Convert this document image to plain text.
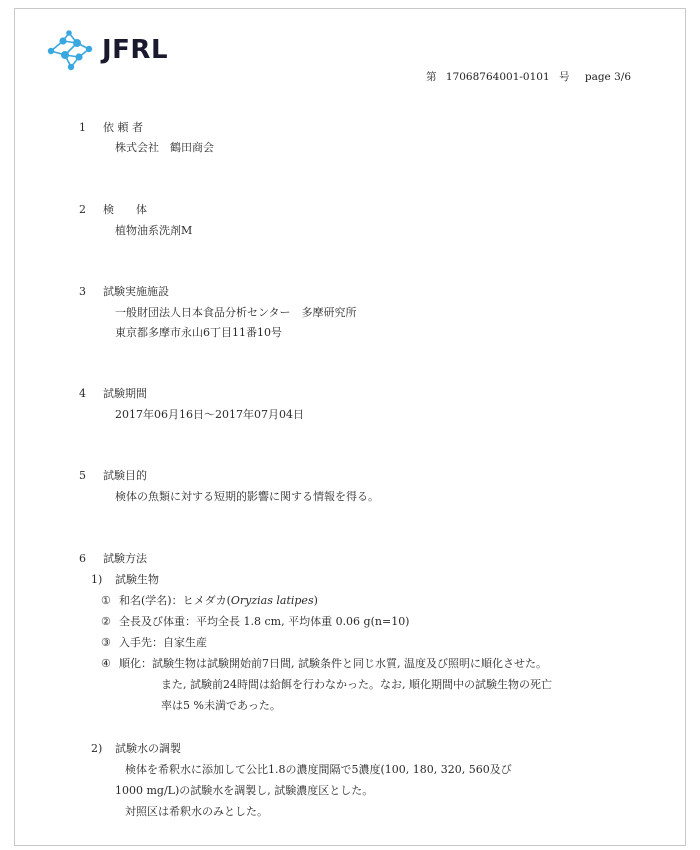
JFRL
第 17068764001-0101 号 page 3/6
1 依 頼 者
株式会社　鶴田商会
2 検　　体
植物油系洗剤M
3 試験実施施設
一般財団法人日本食品分析センター　多摩研究所
東京都多摩市永山6丁目11番10号
4 試験期間
2017年06月16日～2017年07月04日
5 試験目的
検体の魚類に対する短期的影響に関する情報を得る。
6 試験方法
1) 試験生物
① 和名(学名)：ヒメダカ(Oryzias latipes)
② 全長及び体重：平均全長 1.8 cm, 平均体重 0.06 g(n=10)
③ 入手先：自家生産
④ 順化：試験生物は試験開始前7日間, 試験条件と同じ水質, 温度及び照明に順化させた。
また, 試験前24時間は給餌を行わなかった。なお, 順化期間中の試験生物の死亡
率は5 %未満であった。
2) 試験水の調製
検体を希釈水に添加して公比1.8の濃度間隔で5濃度(100, 180, 320, 560及び
1000 mg/L)の試験水を調製し, 試験濃度区とした。
対照区は希釈水のみとした。
